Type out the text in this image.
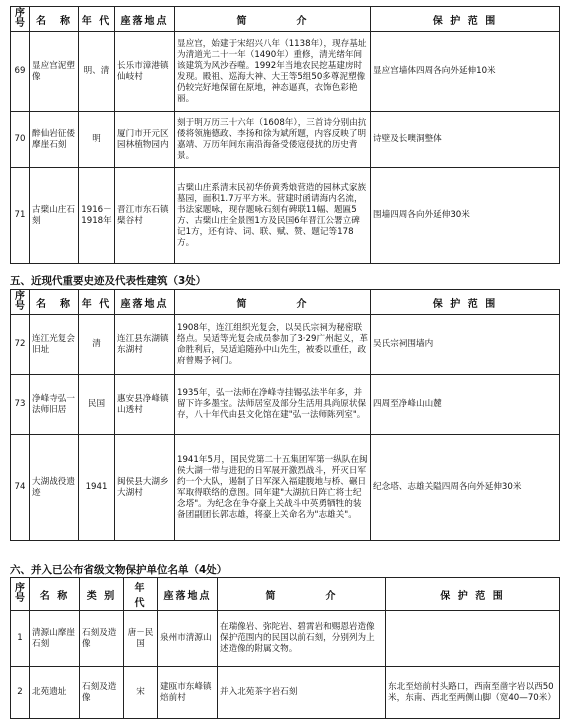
序号	名　称	年 代	座落地点	简　　　　介	保 护 范 围
69	显应宫泥塑像	明、清	长乐市漳港镇仙岐村	显应宫，始建于宋绍兴八年（1138年），现存基址为清道光二十一年（1490年）重修，清光绪年间该建筑为风沙吞噬。1992年当地农民挖基建房时发现。殿祖、巡海大神、大王等5组50多尊泥塑像仍较完好地保留在原地，神态逼真，衣饰色彩艳丽。	显应宫墙体四周各向外延伸10米
70	醉仙岩征倭摩崖石刻	明	厦门市开元区园林植物园内	刻于明万历三十六年（1608年），三首诗分别由抗倭将领施德政、李扬和徐为斌所题，内容反映了明嘉靖、万历年间东南沿海备受倭寇侵扰的历史背景。	诗壁及长噢洞整体
71	古檗山庄石刻	1916－1918年	晋江市东石镇檗谷村	古檗山庄系清末民初华侨黄秀烺营造的园林式家族墓园，面积1.7万平方米。营建时函请海内名流，书法家题咏，现存题咏石刻有碑联11幅、题匾5方、古檗山庄全景图1方及民国6年晋江公署立碑记1方，还有诗、词、联、赋、赞、题记等178方。	围墙四周各向外延伸30米
五、近现代重要史迹及代表性建筑（3处）
序号	名　称	年 代	座落地点	简　　　　介	保 护 范 围
72	连江光复会旧址	清	连江县东湖镇东湖村	1908年，连江组织光复会，以吴氏宗祠为秘密联络点。吴适等光复会成员参加了3·29广州起义，革命胜利后，吴适追随孙中山先生，被委以重任，政府曾赐予祠门。	吴氏宗祠围墙内
73	净峰寺弘一法师旧居	民国	惠安县净峰镇山透村	1935年，弘一法师在净峰寺挂锡弘法半年多，并留下许多墨宝。法师居室及部分生活用具尚原状保存，八十年代由县文化馆在建"弘一法师陈列室"。	四周至净峰山山麓
74	大湖战役遗迹	1941	闽侯县大湖乡大湖村	1941年5月，国民党第二十五集团军第一纵队在闽侯大湖一带与进犯的日军展开激烈战斗，歼灭日军约一个大队，遏制了日军深入福建腹地与桥、碾日军取得联络的意图。同年建"大湖抗日阵亡将士纪念塔"。为纪念在争夺豪上关战斗中英勇牺牲的装备团副团长郭志雄，将豪上关命名为"志雄关"。	纪念塔、志雄关隘四周各向外延伸30米
六、并入已公布省级文物保护单位名单（4处）
序号	名 称	类 别	年 代	座落地点	简　　　　介	保 护 范 围
1	清源山摩崖石刻	石刻及造像	唐－民国	泉州市清源山	在瑞像岩、弥陀岩、碧霄岩和赐恩岩造像保护范围内的民国以前石刻，分别列为上述造像的附属文物。	
2	北苑遗址	石刻及造像	宋	建瓯市东峰镇焙前村	并入北苑茶字岩石刻	东北至焙前村头路口，西南至凿字岩以西50米，东南、西北至两侧山脚（宽40—70米）
